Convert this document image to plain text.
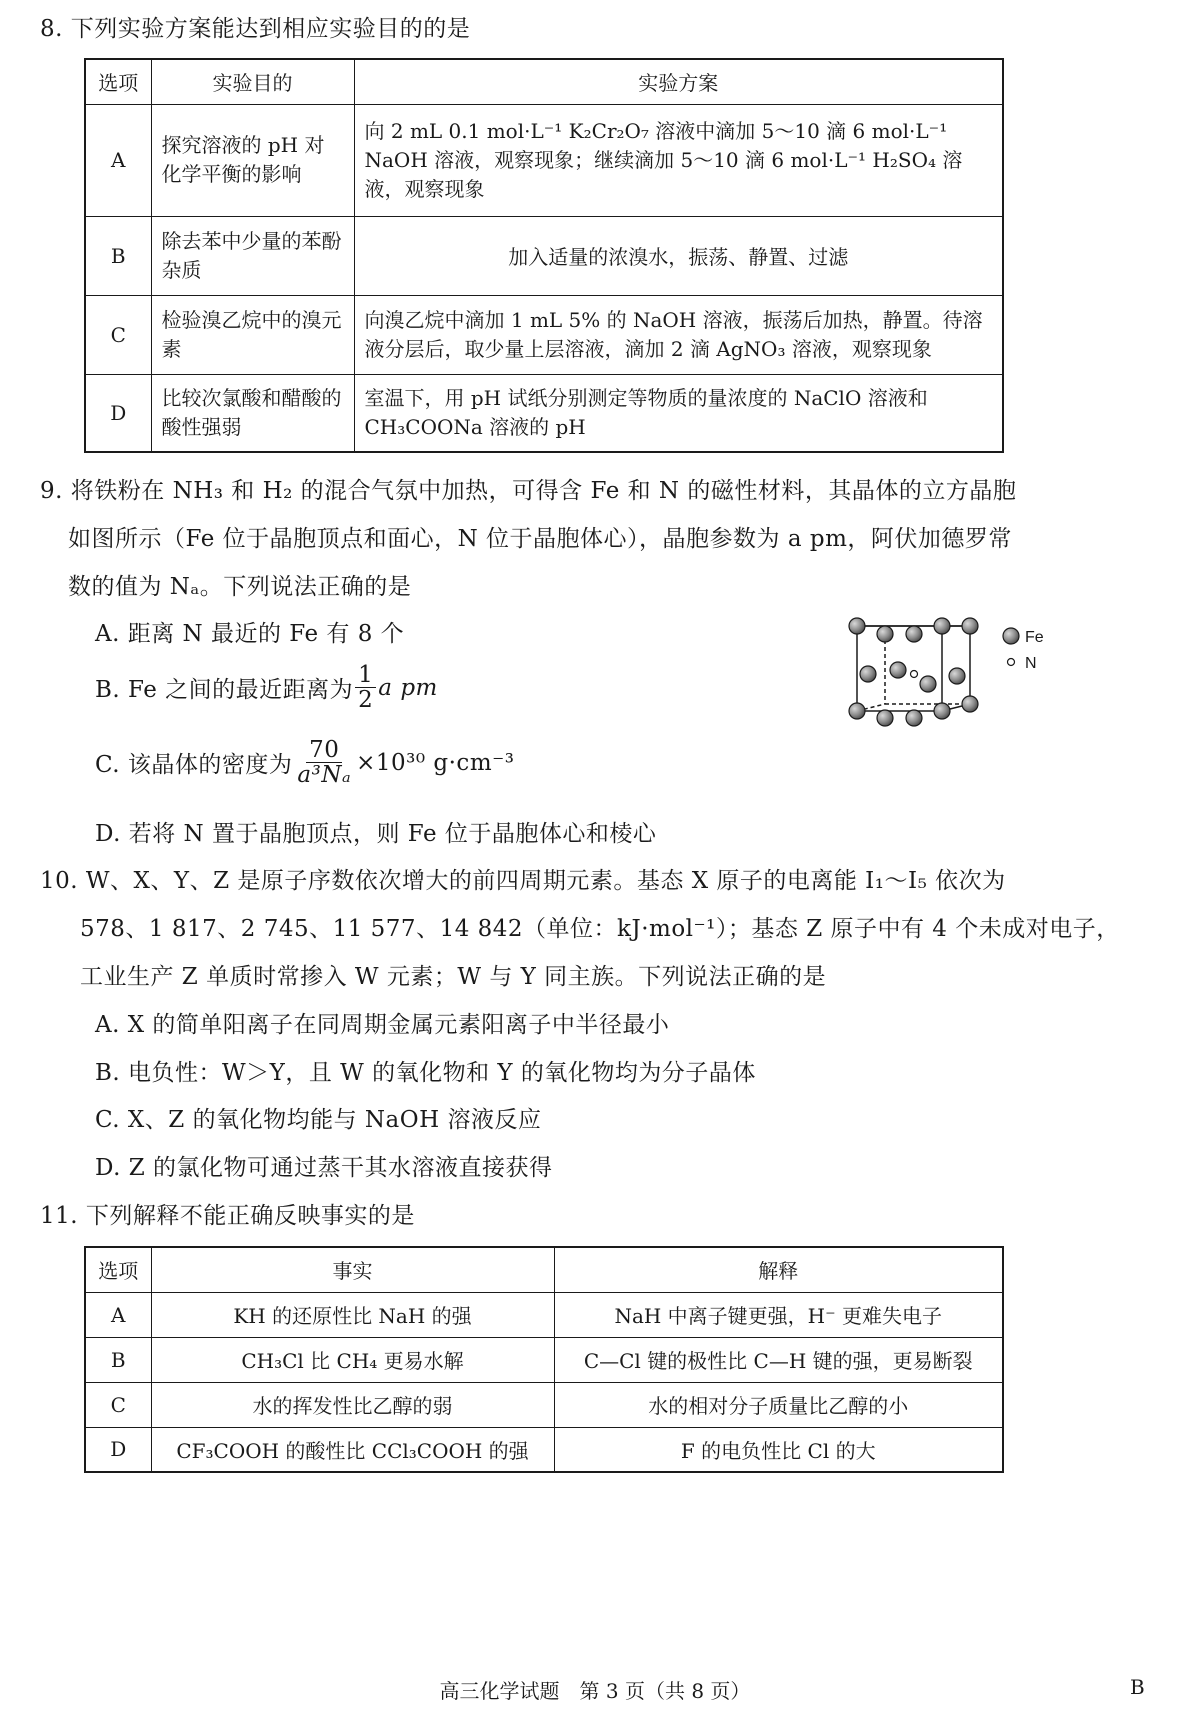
8. 下列实验方案能达到相应实验目的的是
选项	实验目的	实验方案
A	探究溶液的 pH 对化学平衡的影响	向 2 mL 0.1 mol·L⁻¹ K₂Cr₂O₇ 溶液中滴加 5～10 滴 6 mol·L⁻¹ NaOH 溶液，观察现象；继续滴加 5～10 滴 6 mol·L⁻¹ H₂SO₄ 溶液，观察现象
B	除去苯中少量的苯酚杂质	加入适量的浓溴水，振荡、静置、过滤
C	检验溴乙烷中的溴元素	向溴乙烷中滴加 1 mL 5% 的 NaOH 溶液，振荡后加热，静置。待溶液分层后，取少量上层溶液，滴加 2 滴 AgNO₃ 溶液，观察现象
D	比较次氯酸和醋酸的酸性强弱	室温下，用 pH 试纸分别测定等物质的量浓度的 NaClO 溶液和 CH₃COONa 溶液的 pH
9. 将铁粉在 NH₃ 和 H₂ 的混合气氛中加热，可得含 Fe 和 N 的磁性材料，其晶体的立方晶胞
如图所示（Fe 位于晶胞顶点和面心，N 位于晶胞体心），晶胞参数为 a pm，阿伏加德罗常
数的值为 Nₐ。下列说法正确的是
A. 距离 N 最近的 Fe 有 8 个
B. Fe 之间的最近距离为 $\frac{1}{2}$ a pm
C. 该晶体的密度为 $\frac{70}{\text{a³Nₐ}} \times 10^{30}$ g·cm⁻³
D. 若将 N 置于晶胞顶点，则 Fe 位于晶胞体心和棱心
Fe
N
10. W、X、Y、Z 是原子序数依次增大的前四周期元素。基态 X 原子的电离能 I₁～I₅ 依次为
578、1 817、2 745、11 577、14 842（单位：kJ·mol⁻¹）；基态 Z 原子中有 4 个未成对电子，
工业生产 Z 单质时常掺入 W 元素；W 与 Y 同主族。下列说法正确的是
A. X 的简单阳离子在同周期金属元素阳离子中半径最小
B. 电负性：W＞Y，且 W 的氧化物和 Y 的氧化物均为分子晶体
C. X、Z 的氧化物均能与 NaOH 溶液反应
D. Z 的氯化物可通过蒸干其水溶液直接获得
11. 下列解释不能正确反映事实的是
选项	事实	解释
A	KH 的还原性比 NaH 的强	NaH 中离子键更强，H⁻ 更难失电子
B	CH₃Cl 比 CH₄ 更易水解	C—Cl 键的极性比 C—H 键的强，更易断裂
C	水的挥发性比乙醇的弱	水的相对分子质量比乙醇的小
D	CF₃COOH 的酸性比 CCl₃COOH 的强	F 的电负性比 Cl 的大
高三化学试题　第 3 页（共 8 页）	B
